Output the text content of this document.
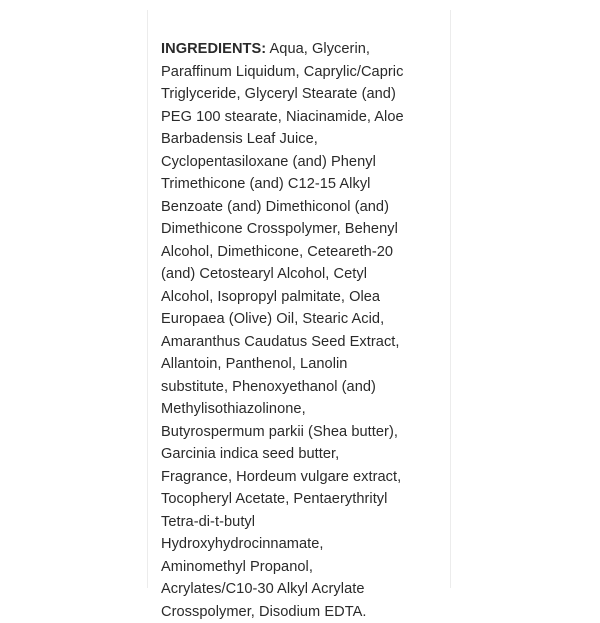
INGREDIENTS: Aqua, Glycerin,
Paraffinum Liquidum, Caprylic/Capric
Triglyceride, Glyceryl Stearate (and)
PEG 100 stearate, Niacinamide, Aloe
Barbadensis Leaf Juice,
Cyclopentasiloxane (and) Phenyl
Trimethicone (and) C12-15 Alkyl
Benzoate (and) Dimethiconol (and)
Dimethicone Crosspolymer, Behenyl
Alcohol, Dimethicone, Ceteareth-20
(and) Cetostearyl Alcohol, Cetyl
Alcohol, Isopropyl palmitate, Olea
Europaea (Olive) Oil, Stearic Acid,
Amaranthus Caudatus Seed Extract,
Allantoin, Panthenol, Lanolin
substitute, Phenoxyethanol (and)
Methylisothiazolinone,
Butyrospermum parkii (Shea butter),
Garcinia indica seed butter,
Fragrance, Hordeum vulgare extract,
Tocopheryl Acetate, Pentaerythrityl
Tetra-di-t-butyl
Hydroxyhydrocinnamate,
Aminomethyl Propanol,
Acrylates/C10-30 Alkyl Acrylate
Crosspolymer, Disodium EDTA.
